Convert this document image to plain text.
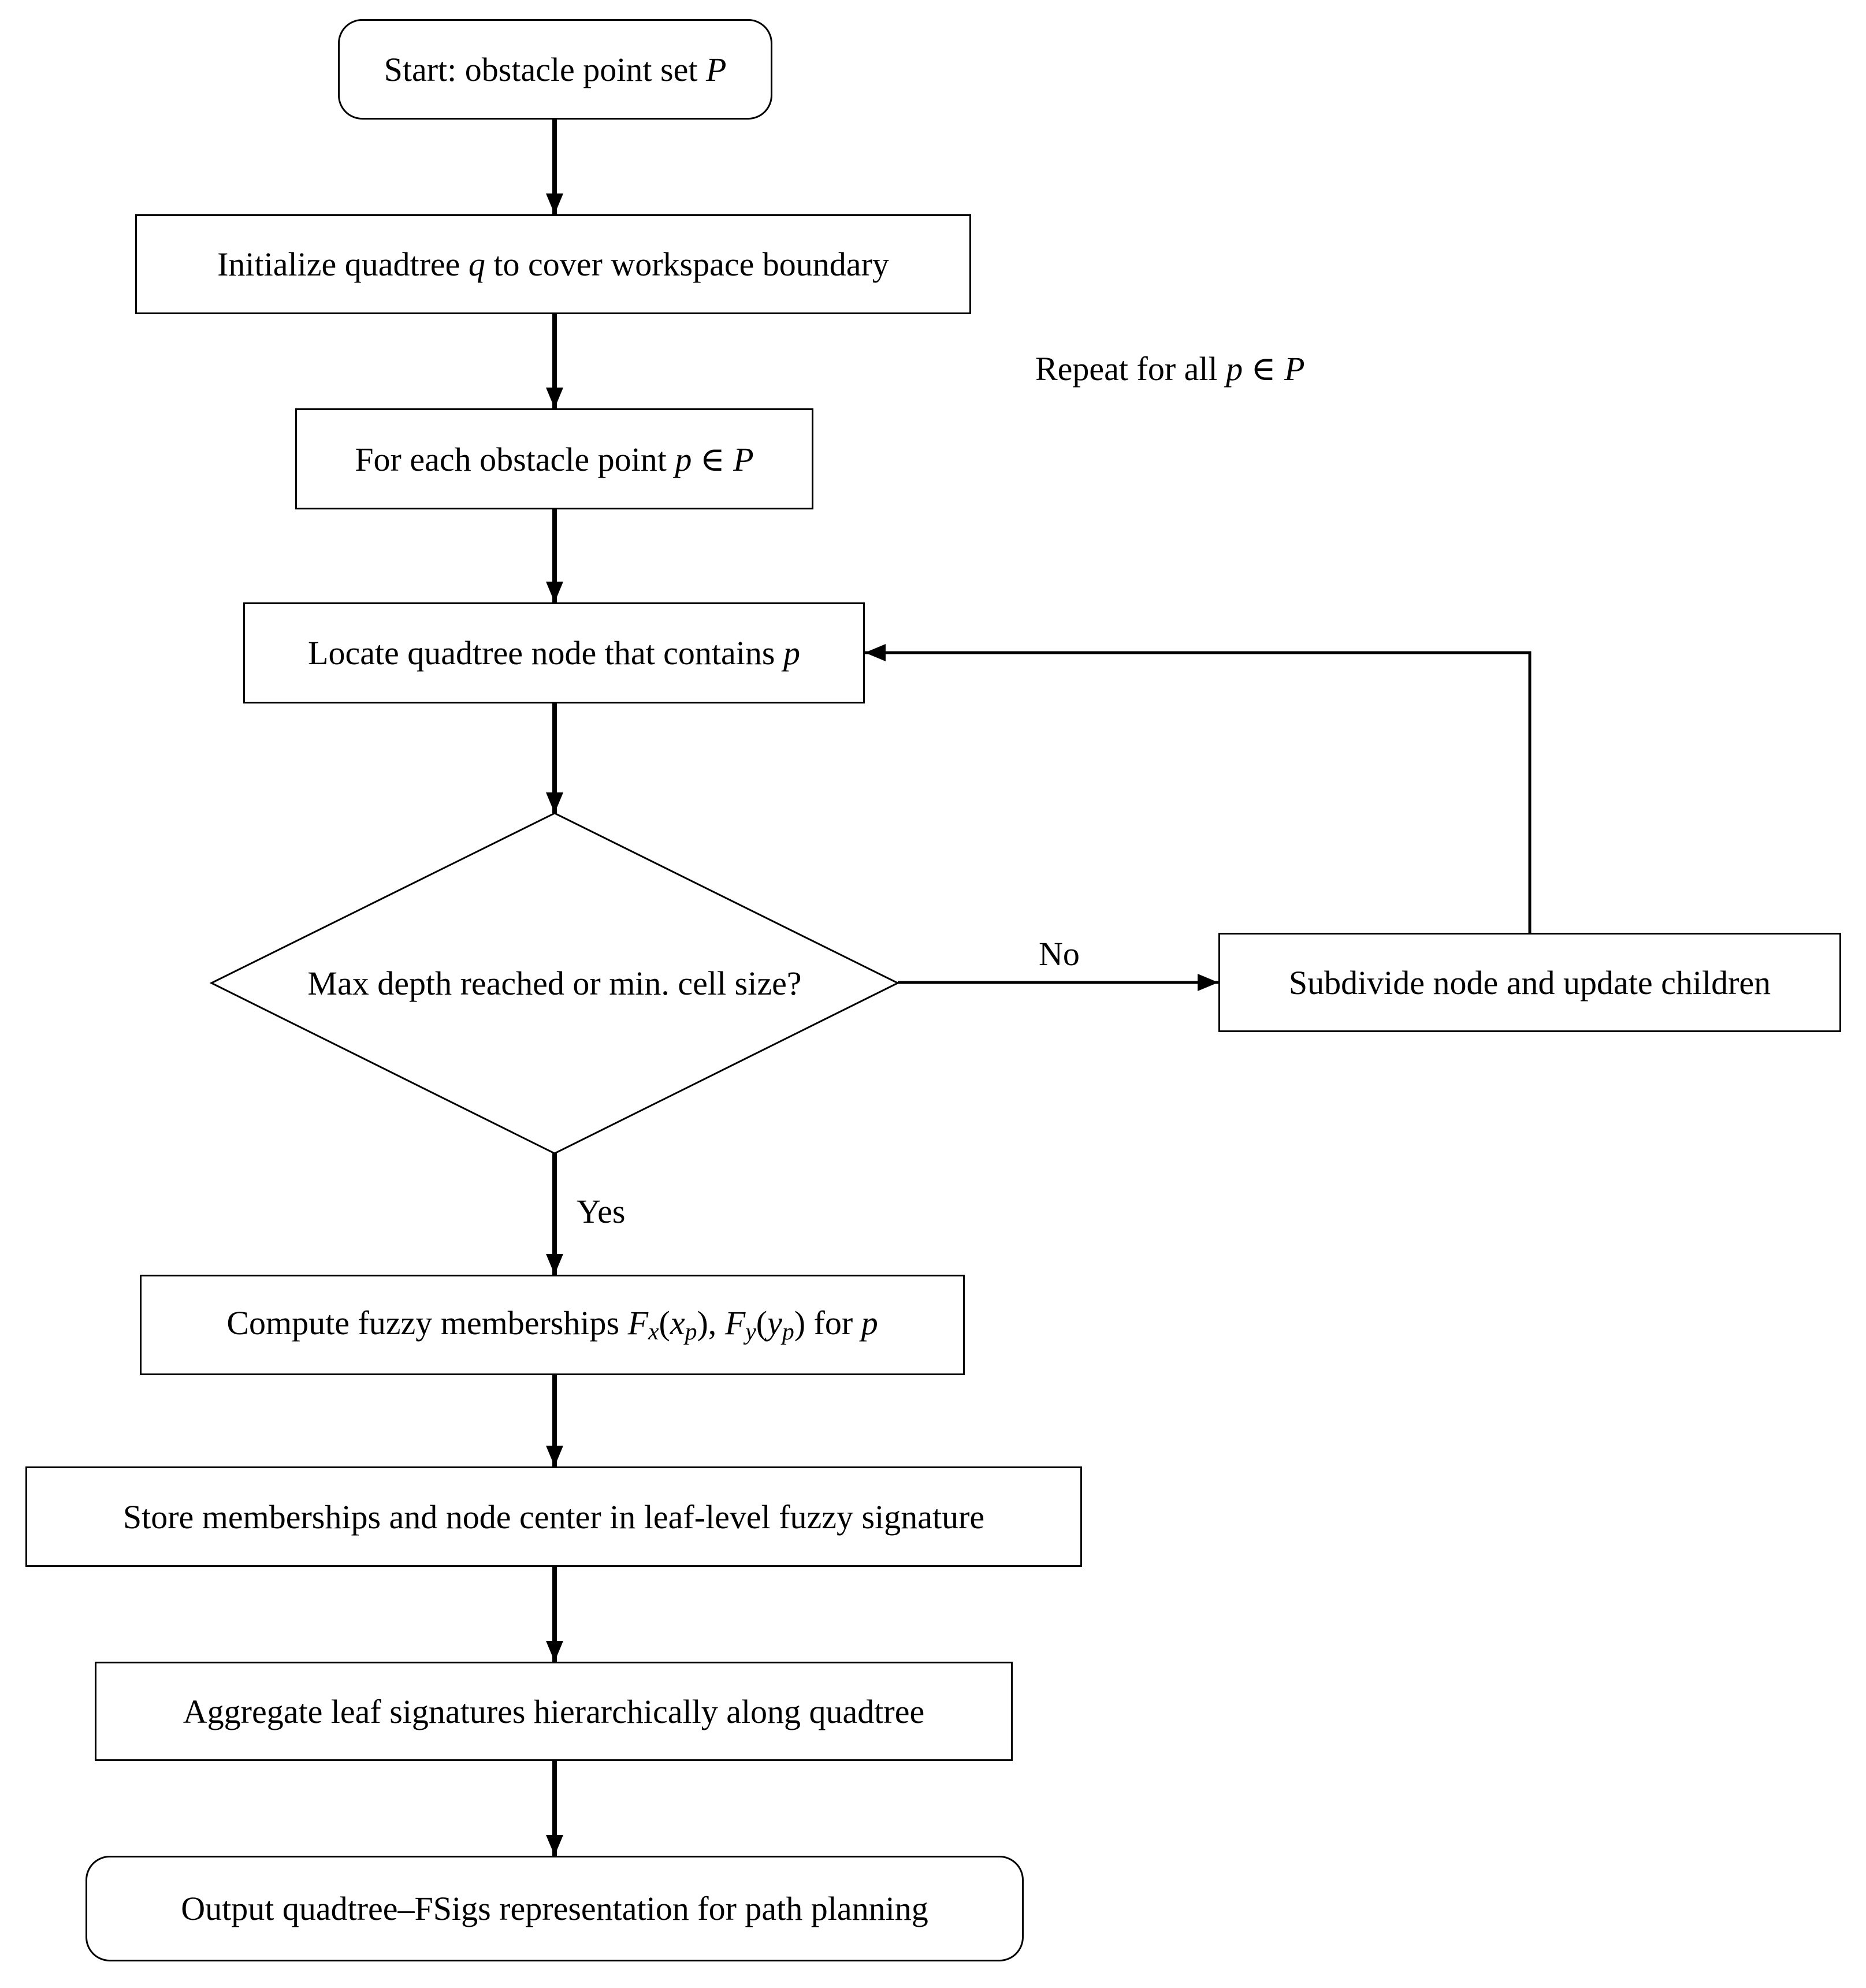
Start: obstacle point set P
Initialize quadtree q to cover workspace boundary
For each obstacle point p ∈ P
Locate quadtree node that contains p
Max depth reached or min. cell size?	Subdivide node and update children
Compute fuzzy memberships Fx(xp), Fy(yp) for p
Store memberships and node center in leaf-level fuzzy signature
Aggregate leaf signatures hierarchically along quadtree
Output quadtree–FSigs representation for path planning
Repeat for all p ∈ P
No
Yes
